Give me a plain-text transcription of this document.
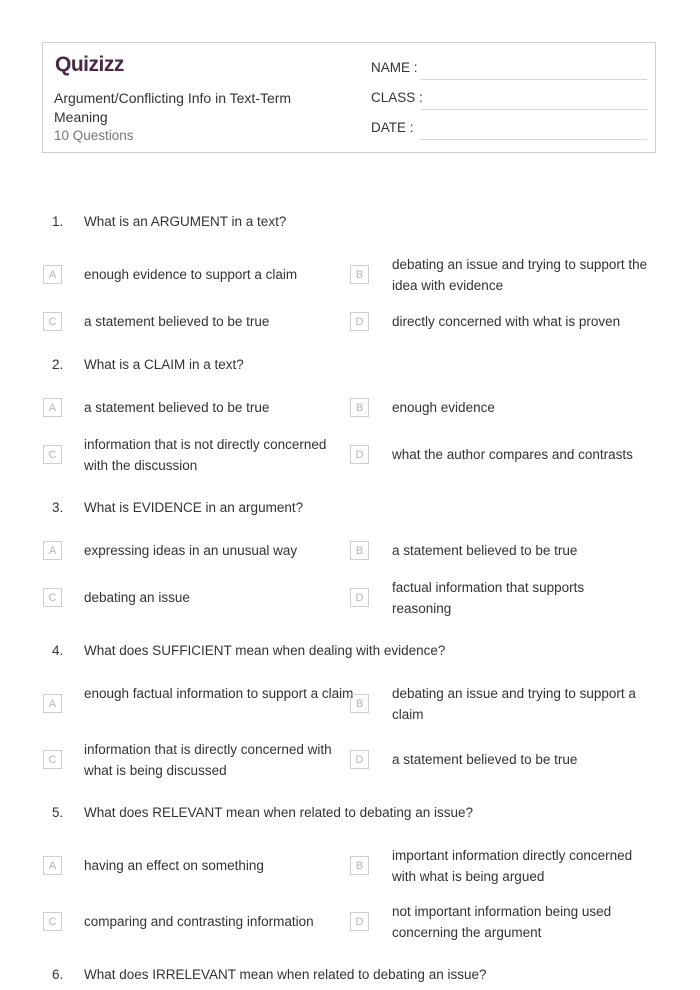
Quizizz
Argument/Conflicting Info in Text-Term Meaning
10 Questions
NAME :
CLASS :
DATE :
1.	What is an ARGUMENT in a text?
A	enough evidence to support a claim	B
debating an issue and trying to support the idea with evidence
C	a statement believed to be true	D	directly concerned with what is proven
2.	What is a CLAIM in a text?
A	a statement believed to be true	B	enough evidence
C
information that is not directly concerned with the discussion
D	what the author compares and contrasts
3.	What is EVIDENCE in an argument?
A	expressing ideas in an unusual way	B	a statement believed to be true
C	debating an issue	D
factual information that supports reasoning
4.	What does SUFFICIENT mean when dealing with evidence?
A
enough factual information to support a claim
B
debating an issue and trying to support a claim
C
information that is directly concerned with what is being discussed
D	a statement believed to be true
5.	What does RELEVANT mean when related to debating an issue?
A	having an effect on something	B
important information directly concerned with what is being argued
C	comparing and contrasting information	D
not important information being used concerning the argument
6.	What does IRRELEVANT mean when related to debating an issue?
